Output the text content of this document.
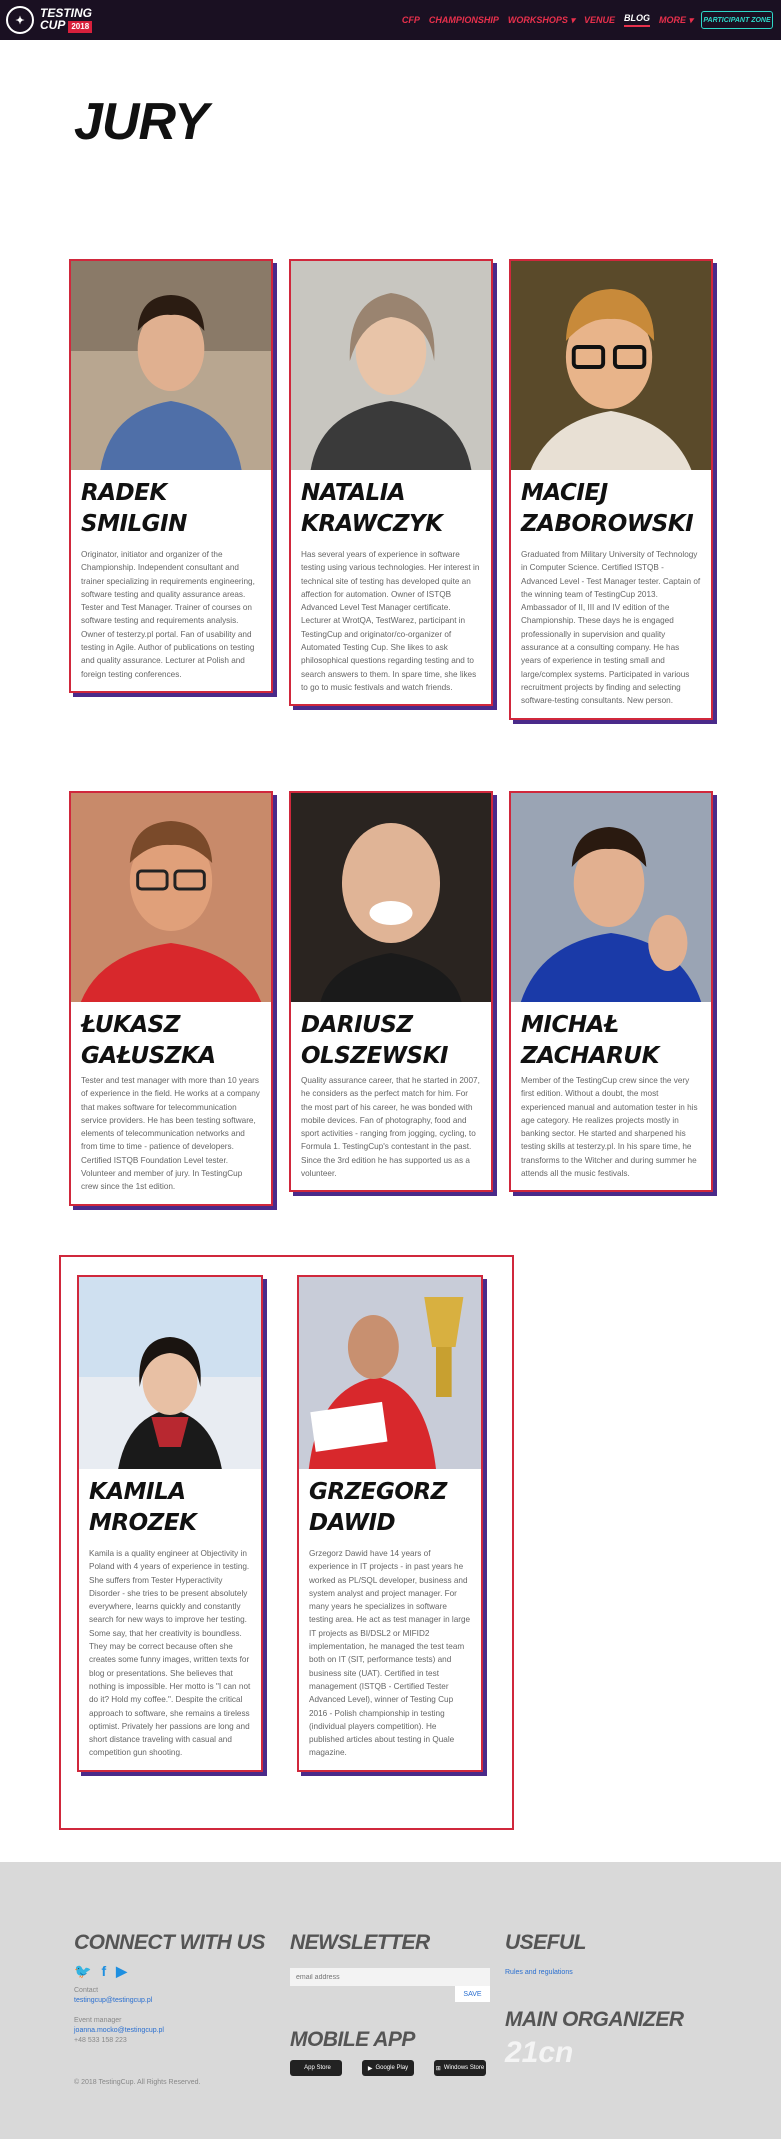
✦
TESTING
CUP 2018
CFP CHAMPIONSHIP WORKSHOPS ▾ VENUE BLOG MORE ▾	PARTICIPANT ZONE
JURY
RADEK SMILGIN
Originator, initiator and organizer of the Championship. Independent consultant and trainer specializing in requirements engineering, software testing and quality assurance areas. Tester and Test Manager. Trainer of courses on software testing and requirements analysis. Owner of testerzy.pl portal. Fan of usability and testing in Agile. Author of publications on testing and quality assurance. Lecturer at Polish and foreign testing conferences.
NATALIA KRAWCZYK
Has several years of experience in software testing using various technologies. Her interest in technical site of testing has developed quite an affection for automation. Owner of ISTQB Advanced Level Test Manager certificate. Lecturer at WrotQA, TestWarez, participant in TestingCup and originator/co-organizer of Automated Testing Cup. She likes to ask philosophical questions regarding testing and to search answers to them. In spare time, she likes to go to music festivals and watch friends.
MACIEJ ZABOROWSKI
Graduated from Military University of Technology in Computer Science. Certified ISTQB - Advanced Level - Test Manager tester. Captain of the winning team of TestingCup 2013. Ambassador of II, III and IV edition of the Championship. These days he is engaged professionally in supervision and quality assurance at a consulting company. He has years of experience in testing small and large/complex systems. Participated in various recruitment projects by finding and selecting software-testing consultants. New person.
ŁUKASZ GAŁUSZKA
Tester and test manager with more than 10 years of experience in the field. He works at a company that makes software for telecommunication service providers. He has been testing software, elements of telecommunication networks and from time to time - patience of developers. Certified ISTQB Foundation Level tester. Volunteer and member of jury. In TestingCup crew since the 1st edition.
DARIUSZ OLSZEWSKI
Quality assurance career, that he started in 2007, he considers as the perfect match for him. For the most part of his career, he was bonded with mobile devices. Fan of photography, food and sport activities - ranging from jogging, cycling, to Formula 1. TestingCup's contestant in the past. Since the 3rd edition he has supported us as a volunteer.
MICHAŁ ZACHARUK
Member of the TestingCup crew since the very first edition. Without a doubt, the most experienced manual and automation tester in his age category. He realizes projects mostly in banking sector. He started and sharpened his testing skills at testerzy.pl. In his spare time, he transforms to the Witcher and during summer he attends all the music festivals.
KAMILA MROZEK
Kamila is a quality engineer at Objectivity in Poland with 4 years of experience in testing. She suffers from Tester Hyperactivity Disorder - she tries to be present absolutely everywhere, learns quickly and constantly search for new ways to improve her testing. Some say, that her creativity is boundless. They may be correct because often she creates some funny images, written texts for blog or presentations. She believes that nothing is impossible. Her motto is "I can not do it? Hold my coffee.". Despite the critical approach to software, she remains a tireless optimist. Privately her passions are long and short distance traveling with casual and competition gun shooting.
GRZEGORZ DAWID
Grzegorz Dawid have 14 years of experience in IT projects - in past years he worked as PL/SQL developer, business and system analyst and project manager. For many years he specializes in software testing area. He act as test manager in large IT projects as BI/DSL2 or MIFID2 implementation, he managed the test team both on IT (SIT, performance tests) and business site (UAT). Certified in test management (ISTQB - Certified Tester Advanced Level), winner of Testing Cup 2016 - Polish championship in testing (individual players competition). He published articles about testing in Quale magazine.
CONNECT WITH US
🐦 f ▶
Contact
testingcup@testingcup.pl
Event manager
joanna.mocko@testingcup.pl
+48 533 158 223
© 2018 TestingCup. All Rights Reserved.
NEWSLETTER
email address
SAVE
MOBILE APP
App Store	▶ Google Play	⊞ Windows Store
USEFUL
Rules and regulations
MAIN ORGANIZER
21cn
